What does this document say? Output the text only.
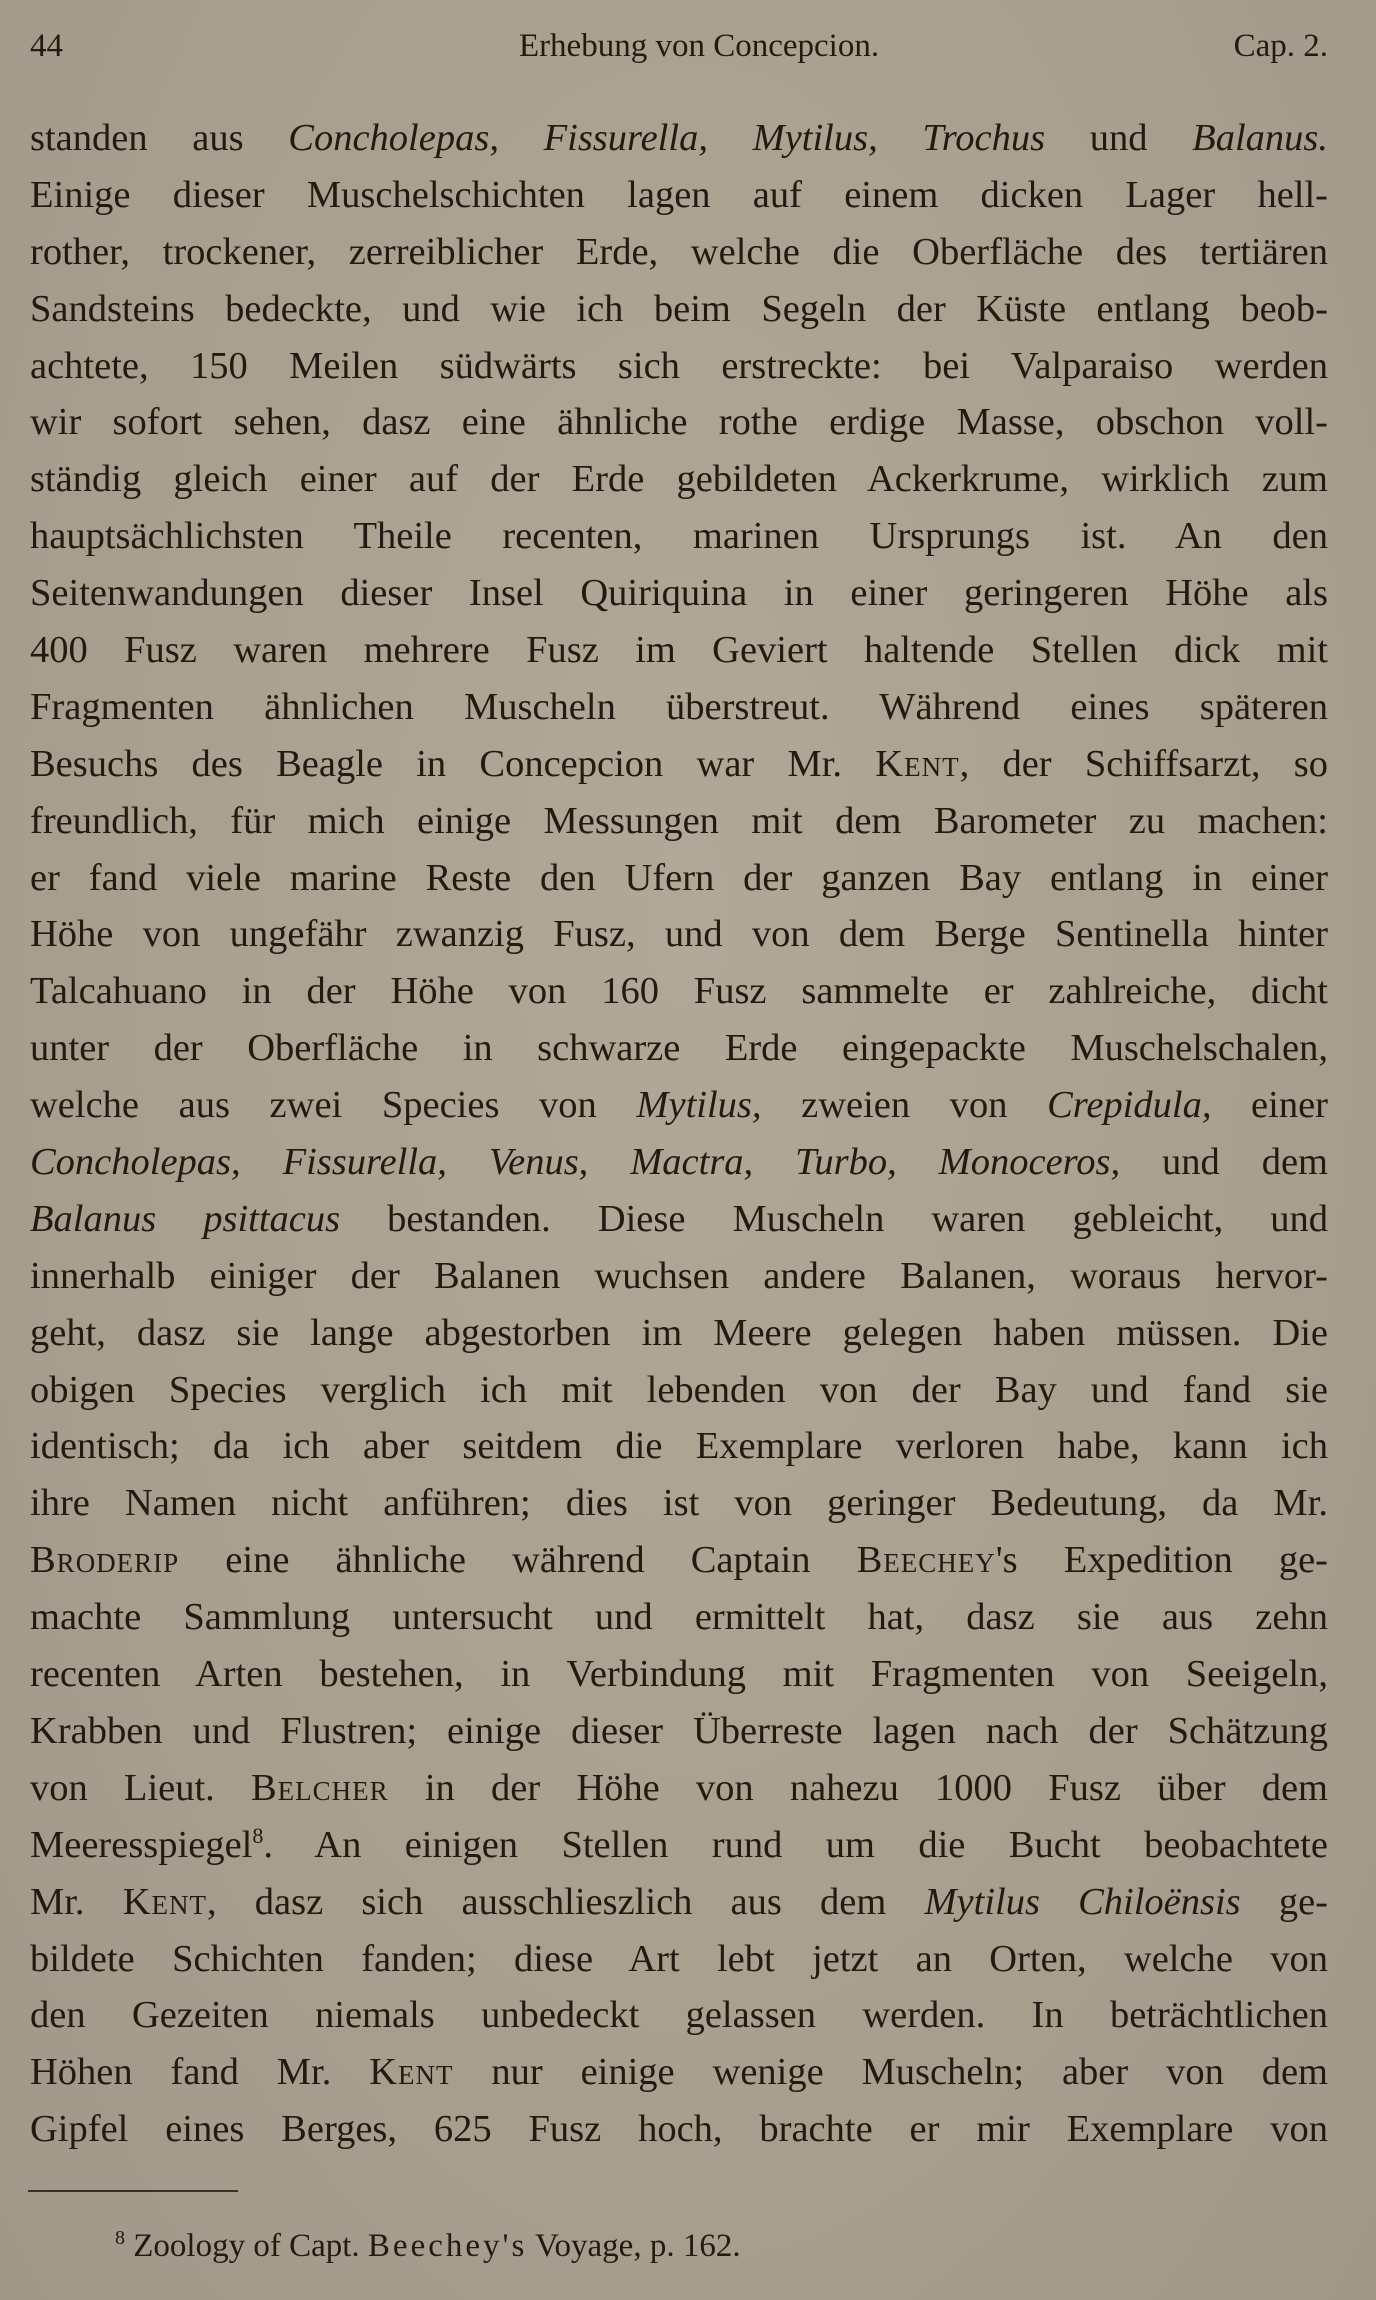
44	Erhebung von Concepcion.	Cap. 2.
standen aus Concholepas, Fissurella, Mytilus, Trochus und Balanus.
Einige dieser Muschelschichten lagen auf einem dicken Lager hell-
rother, trockener, zerreiblicher Erde, welche die Oberfläche des tertiären
Sandsteins bedeckte, und wie ich beim Segeln der Küste entlang beob-
achtete, 150 Meilen südwärts sich erstreckte: bei Valparaiso werden
wir sofort sehen, dasz eine ähnliche rothe erdige Masse, obschon voll-
ständig gleich einer auf der Erde gebildeten Ackerkrume, wirklich zum
hauptsächlichsten Theile recenten, marinen Ursprungs ist. An den
Seitenwandungen dieser Insel Quiriquina in einer geringeren Höhe als
400 Fusz waren mehrere Fusz im Geviert haltende Stellen dick mit
Fragmenten ähnlichen Muscheln überstreut. Während eines späteren
Besuchs des Beagle in Concepcion war Mr. Kent, der Schiffsarzt, so
freundlich, für mich einige Messungen mit dem Barometer zu machen:
er fand viele marine Reste den Ufern der ganzen Bay entlang in einer
Höhe von ungefähr zwanzig Fusz, und von dem Berge Sentinella hinter
Talcahuano in der Höhe von 160 Fusz sammelte er zahlreiche, dicht
unter der Oberfläche in schwarze Erde eingepackte Muschelschalen,
welche aus zwei Species von Mytilus, zweien von Crepidula, einer
Concholepas, Fissurella, Venus, Mactra, Turbo, Monoceros, und dem
Balanus psittacus bestanden. Diese Muscheln waren gebleicht, und
innerhalb einiger der Balanen wuchsen andere Balanen, woraus hervor-
geht, dasz sie lange abgestorben im Meere gelegen haben müssen. Die
obigen Species verglich ich mit lebenden von der Bay und fand sie
identisch; da ich aber seitdem die Exemplare verloren habe, kann ich
ihre Namen nicht anführen; dies ist von geringer Bedeutung, da Mr.
Broderip eine ähnliche während Captain Beechey's Expedition ge-
machte Sammlung untersucht und ermittelt hat, dasz sie aus zehn
recenten Arten bestehen, in Verbindung mit Fragmenten von Seeigeln,
Krabben und Flustren; einige dieser Überreste lagen nach der Schätzung
von Lieut. Belcher in der Höhe von nahezu 1000 Fusz über dem
Meeresspiegel$^8$. An einigen Stellen rund um die Bucht beobachtete
Mr. Kent, dasz sich ausschlieszlich aus dem Mytilus Chiloënsis ge-
bildete Schichten fanden; diese Art lebt jetzt an Orten, welche von
den Gezeiten niemals unbedeckt gelassen werden. In beträchtlichen
Höhen fand Mr. Kent nur einige wenige Muscheln; aber von dem
Gipfel eines Berges, 625 Fusz hoch, brachte er mir Exemplare von
$^8$ Zoology of Capt. Beechey's Voyage, p. 162.
